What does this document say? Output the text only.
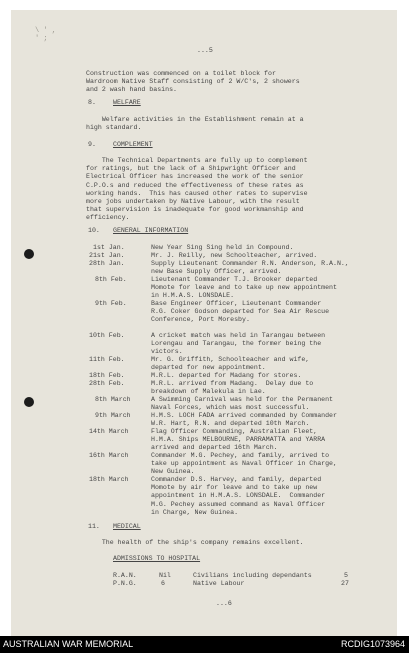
\ ' ,
' ;
...5
Construction was commenced on a toilet block for
Wardroom Native Staff consisting of 2 W/C's, 2 showers
and 2 wash hand basins.
8.	WELFARE
Welfare activities in the Establishment remain at a
high standard.
9.	COMPLEMENT
The Technical Departments are fully up to complement
for ratings, but the lack of a Shipwright Officer and
Electrical Officer has increased the work of the senior
C.P.O.s and reduced the effectiveness of these rates as
working hands.  This has caused other rates to supervise
more jobs undertaken by Native Labour, with the result
that supervision is inadequate for good workmanship and
efficiency.
10. GENERAL INFORMATION
1st Jan.	New Year Sing Sing held in Compound.
21st Jan.	Mr. J. Reilly, new Schoolteacher, arrived.
28th Jan.	Supply Lieutenant Commander R.N. Anderson, R.A.N.,
new Base Supply Officer, arrived.
8th Feb.	Lieutenant Commander T.J. Brooker departed
Momote for leave and to take up new appointment
in H.M.A.S. LONSDALE.
9th Feb.	Base Engineer Officer, Lieutenant Commander
R.G. Coker Godson departed for Sea Air Rescue
Conference, Port Moresby.
10th Feb.	A cricket match was held in Tarangau between
Lorengau and Tarangau, the former being the
victors.
11th Feb.	Mr. G. Griffith, Schoolteacher and wife,
departed for new appointment.
18th Feb.	M.R.L. departed for Madang for stores.
28th Feb.	M.R.L. arrived from Madang.  Delay due to
breakdown of Malekula in Lae.
8th March	A Swimming Carnival was held for the Permanent
Naval Forces, which was most successful.
9th March	H.M.S. LOCH FADA arrived commanded by Commander
W.R. Hart, R.N. and departed 10th March.
14th March	Flag Officer Commanding, Australian Fleet,
H.M.A. Ships MELBOURNE, PARRAMATTA and YARRA
arrived and departed 16th March.
16th March	Commander M.G. Pechey, and family, arrived to
take up appointment as Naval Officer in Charge,
New Guinea.
18th March	Commander D.S. Harvey, and family, departed
Momote by air for leave and to take up new
appointment in H.M.A.S. LONSDALE.  Commander
M.G. Pechey assumed command as Naval Officer
in Charge, New Guinea.
11. MEDICAL
The health of the ship's company remains excellent.
ADMISSIONS TO HOSPITAL
R.A.N.	Nil	Civilians including dependants	5
P.N.G.	6	Native Labour	27
...6
AUSTRALIAN WAR MEMORIAL	RCDIG1073964
